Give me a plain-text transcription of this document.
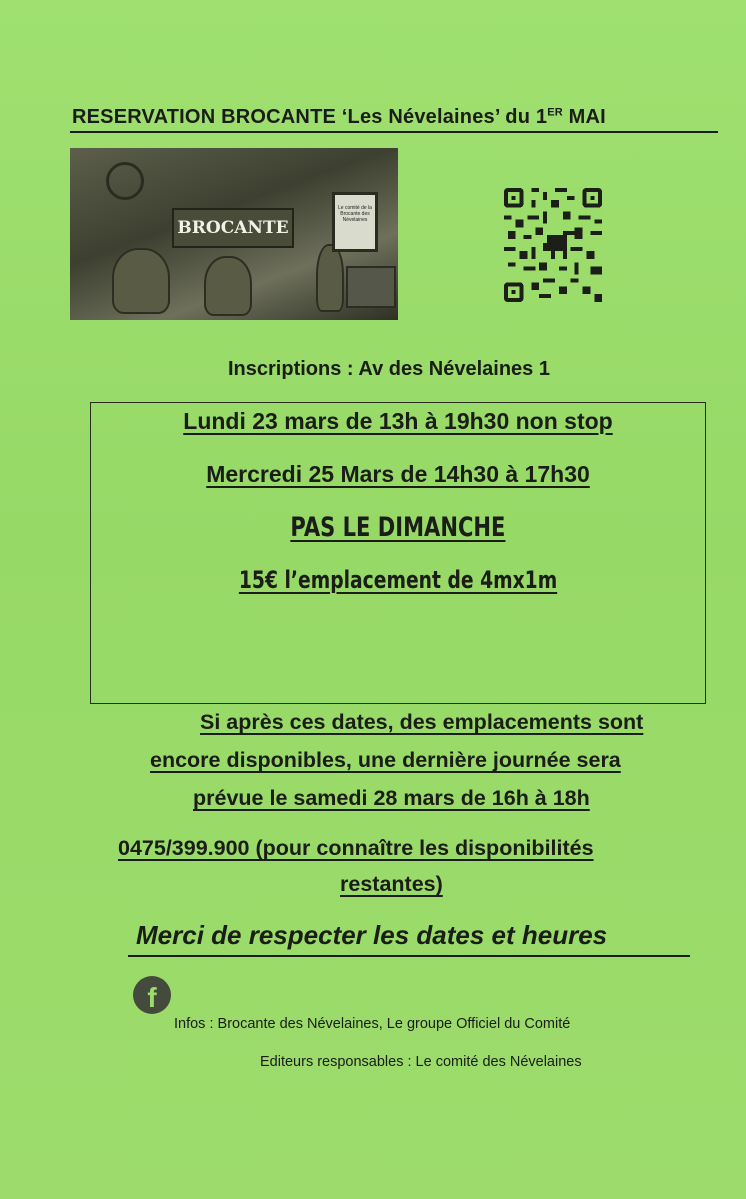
RESERVATION BROCANTE ‘Les Névelaines’ du 1ER MAI
BROCANTE
Le comité de la Brocante des Névelaines
Inscriptions : Av des Névelaines 1
Lundi 23 mars de 13h à 19h30 non stop
Mercredi 25 Mars de 14h30 à 17h30
PAS LE DIMANCHE
15€ l’emplacement de 4mx1m
Si après ces dates, des emplacements sont
encore disponibles, une dernière journée sera
prévue le samedi 28 mars de 16h à 18h
0475/399.900 (pour connaître les disponibilités
restantes)
Merci de respecter les dates et heures
f
Infos : Brocante des Névelaines, Le groupe Officiel du Comité
Editeurs responsables : Le comité des Névelaines
